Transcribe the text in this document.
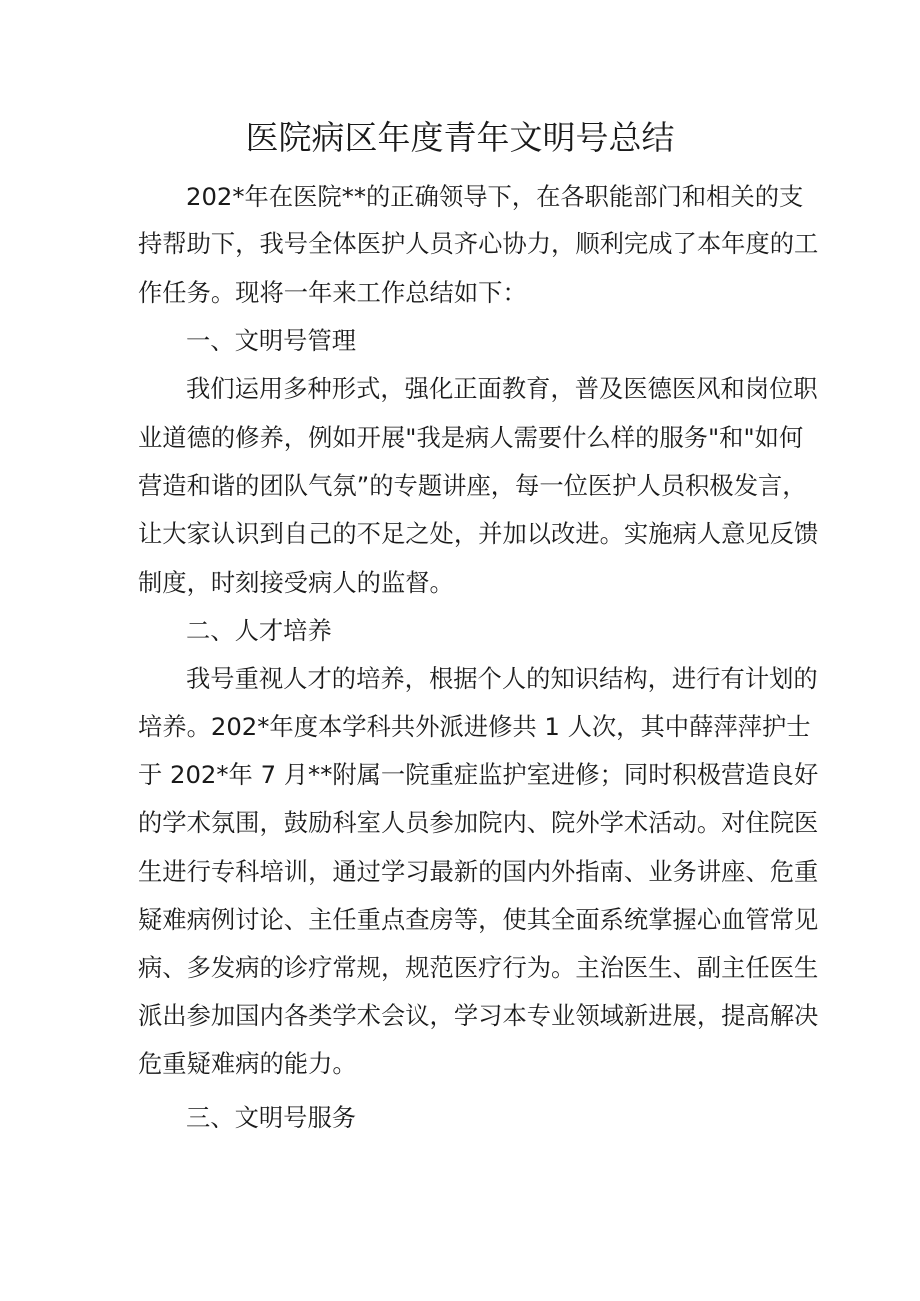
医院病区年度青年文明号总结

202*年在医院**的正确领导下，在各职能部门和相关的支

持帮助下，我号全体医护人员齐心协力，顺利完成了本年度的工

作任务。现将一年来工作总结如下：

一、文明号管理

我们运用多种形式，强化正面教育，普及医德医风和岗位职

业道德的修养，例如开展"我是病人需要什么样的服务"和"如何

营造和谐的团队气氛”的专题讲座，每一位医护人员积极发言，

让大家认识到自己的不足之处，并加以改进。实施病人意见反馈

制度，时刻接受病人的监督。

二、人才培养

我号重视人才的培养，根据个人的知识结构，进行有计划的

培养。202*年度本学科共外派进修共 1 人次，其中薛萍萍护士

于 202*年 7 月**附属一院重症监护室进修；同时积极营造良好

的学术氛围，鼓励科室人员参加院内、院外学术活动。对住院医

生进行专科培训，通过学习最新的国内外指南、业务讲座、危重

疑难病例讨论、主任重点查房等，使其全面系统掌握心血管常见

病、多发病的诊疗常规，规范医疗行为。主治医生、副主任医生

派出参加国内各类学术会议，学习本专业领域新进展，提高解决

危重疑难病的能力。

三、文明号服务
